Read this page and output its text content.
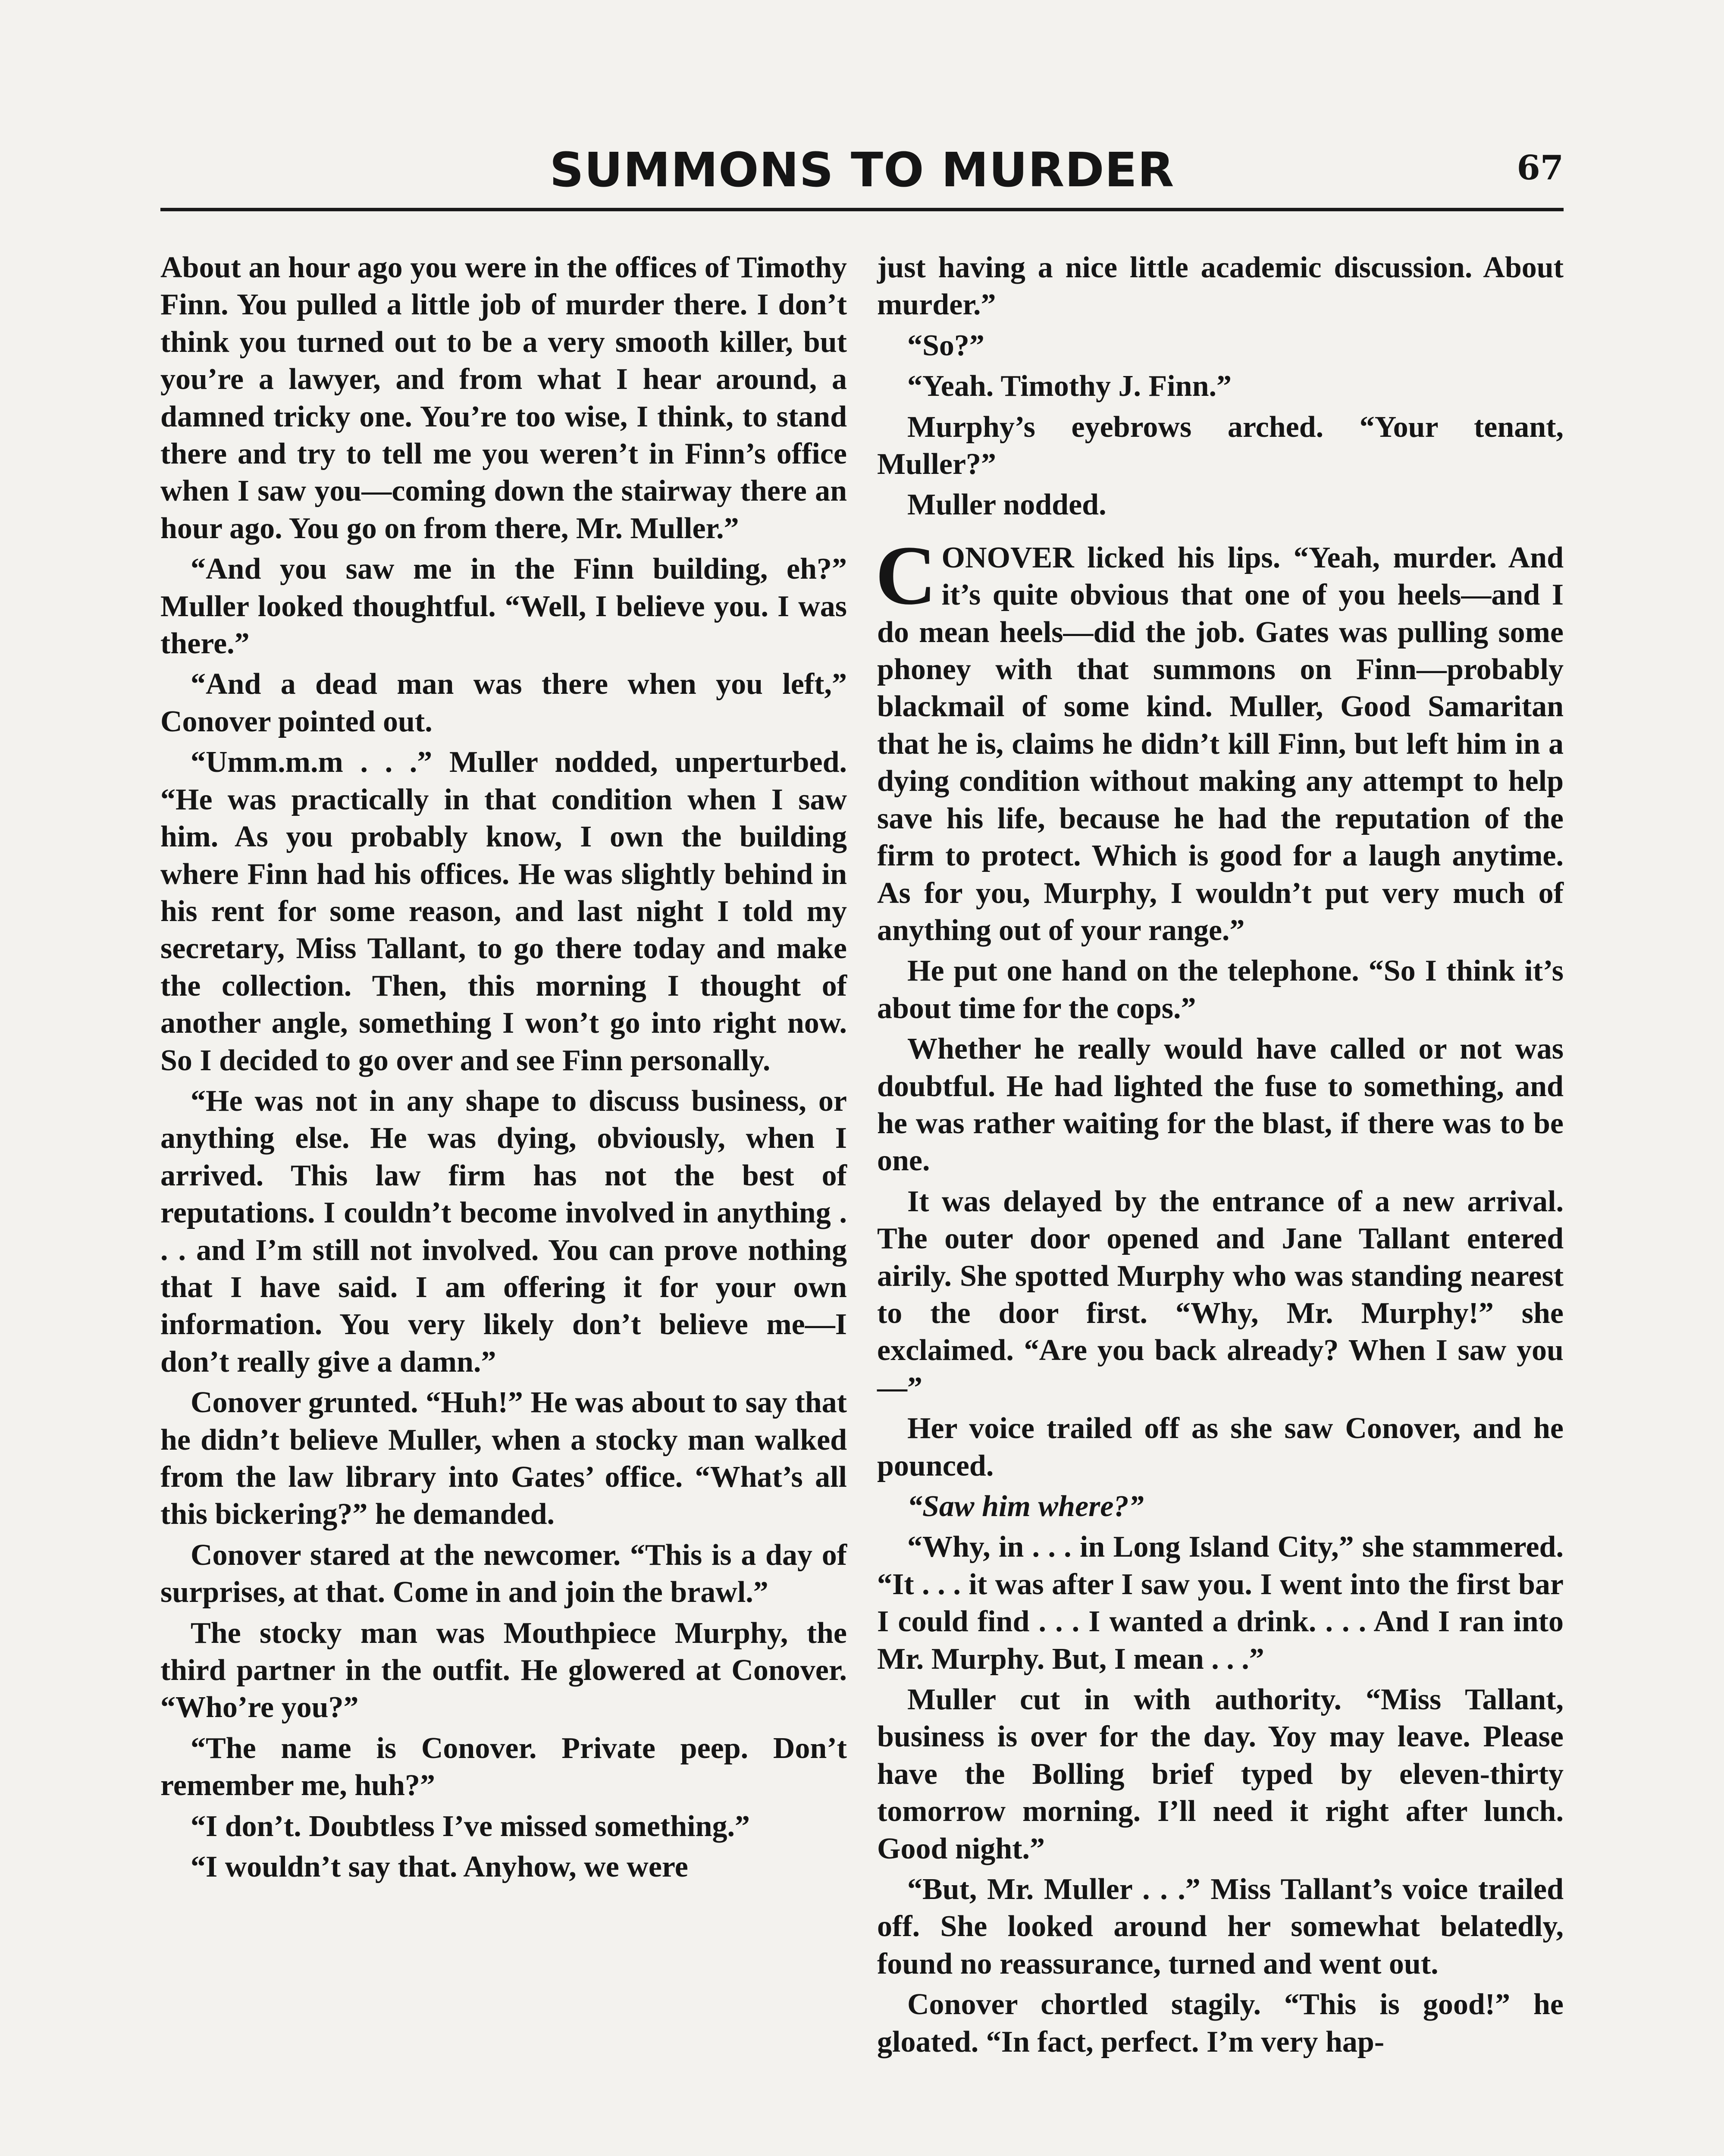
SUMMONS TO MURDER	67

About an hour ago you were in the offices of Timothy Finn. You pulled a little job of murder there. I don’t think you turned out to be a very smooth killer, but you’re a lawyer, and from what I hear around, a damned tricky one. You’re too wise, I think, to stand there and try to tell me you weren’t in Finn’s office when I saw you—coming down the stairway there an hour ago. You go on from there, Mr. Muller.”

“And you saw me in the Finn building, eh?” Muller looked thoughtful. “Well, I believe you. I was there.”

“And a dead man was there when you left,” Conover pointed out.

“Umm.m.m . . .” Muller nodded, unperturbed. “He was practically in that condition when I saw him. As you probably know, I own the building where Finn had his offices. He was slightly behind in his rent for some reason, and last night I told my secretary, Miss Tallant, to go there today and make the collection. Then, this morning I thought of another angle, something I won’t go into right now. So I decided to go over and see Finn personally.

“He was not in any shape to discuss business, or anything else. He was dying, obviously, when I arrived. This law firm has not the best of reputations. I couldn’t become involved in anything . . . and I’m still not involved. You can prove nothing that I have said. I am offering it for your own information. You very likely don’t believe me—I don’t really give a damn.”

Conover grunted. “Huh!” He was about to say that he didn’t believe Muller, when a stocky man walked from the law library into Gates’ office. “What’s all this bickering?” he demanded.

Conover stared at the newcomer. “This is a day of surprises, at that. Come in and join the brawl.”

The stocky man was Mouthpiece Murphy, the third partner in the outfit. He glowered at Conover. “Who’re you?”

“The name is Conover. Private peep. Don’t remember me, huh?”

“I don’t. Doubtless I’ve missed something.”

“I wouldn’t say that. Anyhow, we were

just having a nice little academic discussion. About murder.”

“So?”

“Yeah. Timothy J. Finn.”

Murphy’s eyebrows arched. “Your tenant, Muller?”

Muller nodded.

CONOVER licked his lips. “Yeah, murder. And it’s quite obvious that one of you heels—and I do mean heels—did the job. Gates was pulling some phoney with that summons on Finn—probably blackmail of some kind. Muller, Good Samaritan that he is, claims he didn’t kill Finn, but left him in a dying condition without making any attempt to help save his life, because he had the reputation of the firm to protect. Which is good for a laugh anytime. As for you, Murphy, I wouldn’t put very much of anything out of your range.”

He put one hand on the telephone. “So I think it’s about time for the cops.”

Whether he really would have called or not was doubtful. He had lighted the fuse to something, and he was rather waiting for the blast, if there was to be one.

It was delayed by the entrance of a new arrival. The outer door opened and Jane Tallant entered airily. She spotted Murphy who was standing nearest to the door first. “Why, Mr. Murphy!” she exclaimed. “Are you back already? When I saw you—”

Her voice trailed off as she saw Conover, and he pounced.

“Saw him where?”

“Why, in . . . in Long Island City,” she stammered. “It . . . it was after I saw you. I went into the first bar I could find . . . I wanted a drink. . . . And I ran into Mr. Murphy. But, I mean . . .”

Muller cut in with authority. “Miss Tallant, business is over for the day. Yoy may leave. Please have the Bolling brief typed by eleven-thirty tomorrow morning. I’ll need it right after lunch. Good night.”

“But, Mr. Muller . . .” Miss Tallant’s voice trailed off. She looked around her somewhat belatedly, found no reassurance, turned and went out.

Conover chortled stagily. “This is good!” he gloated. “In fact, perfect. I’m very hap-
